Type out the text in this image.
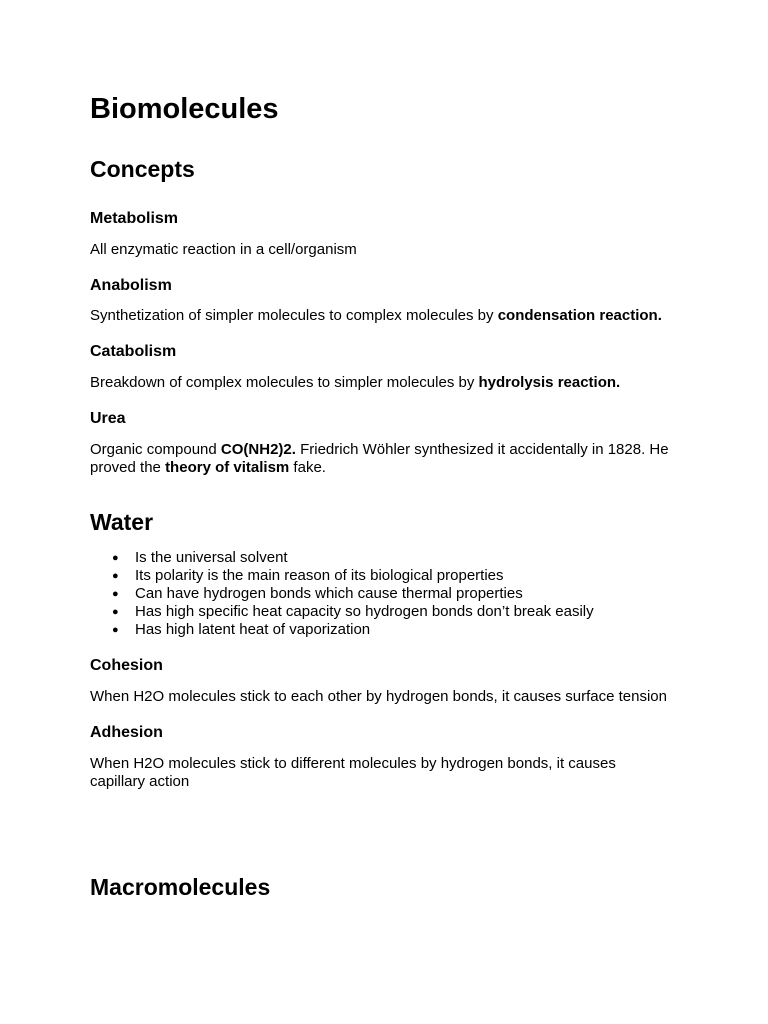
Biomolecules
Concepts
Metabolism

All enzymatic reaction in a cell/organism

Anabolism

Synthetization of simpler molecules to complex molecules by condensation reaction.

Catabolism

Breakdown of complex molecules to simpler molecules by hydrolysis reaction.

Urea

Organic compound CO(NH2)2. Friedrich Wöhler synthesized it accidentally in 1828. He proved the theory of vitalism fake.

Water
● Is the universal solvent
● Its polarity is the main reason of its biological properties
● Can have hydrogen bonds which cause thermal properties
● Has high specific heat capacity so hydrogen bonds don’t break easily
● Has high latent heat of vaporization
Cohesion

When H2O molecules stick to each other by hydrogen bonds, it causes surface tension

Adhesion

When H2O molecules stick to different molecules by hydrogen bonds, it causes capillary action

Macromolecules
